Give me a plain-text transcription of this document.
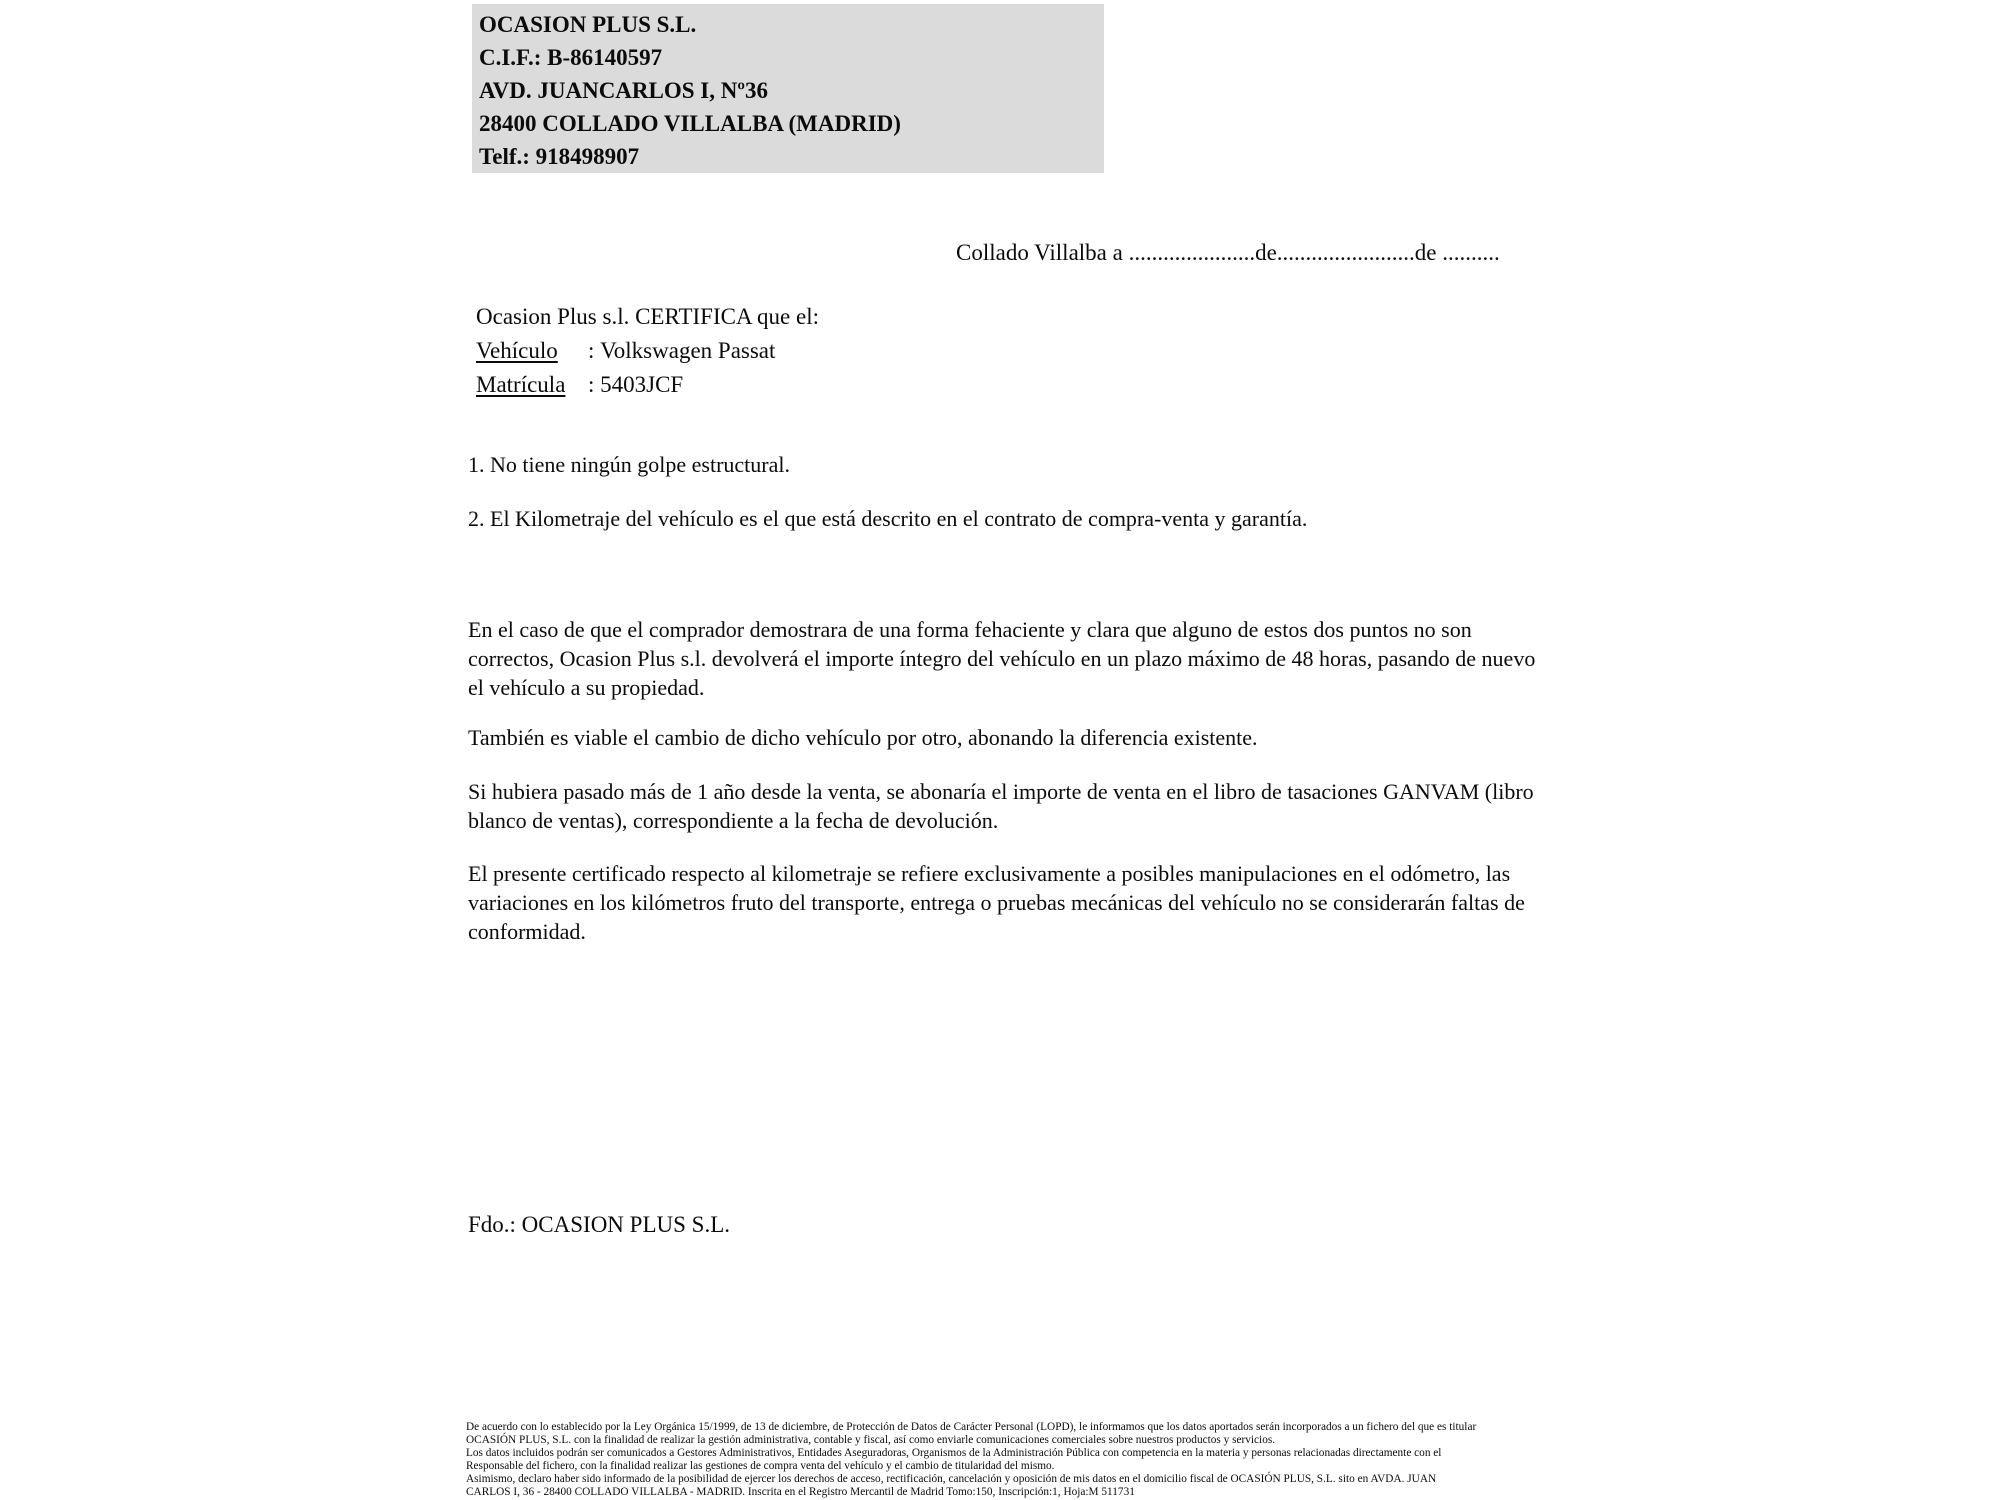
OCASION PLUS S.L.
C.I.F.: B-86140597
AVD. JUANCARLOS I, Nº36
28400 COLLADO VILLALBA (MADRID)
Telf.: 918498907
Collado Villalba a ......................de........................de ..........
Ocasion Plus s.l. CERTIFICA que el:
Vehículo : Volkswagen Passat
Matrícula : 5403JCF
1. No tiene ningún golpe estructural.
2. El Kilometraje del vehículo es el que está descrito en el contrato de compra-venta y garantía.
En el caso de que el comprador demostrara de una forma fehaciente y clara que alguno de estos dos puntos no son correctos, Ocasion Plus s.l. devolverá el importe íntegro del vehículo en un plazo máximo de 48 horas, pasando de nuevo el vehículo a su propiedad.
También es viable el cambio de dicho vehículo por otro, abonando la diferencia existente.
Si hubiera pasado más de 1 año desde la venta, se abonaría el importe de venta en el libro de tasaciones GANVAM (libro blanco de ventas), correspondiente a la fecha de devolución.
El presente certificado respecto al kilometraje se refiere exclusivamente a posibles manipulaciones en el odómetro, las variaciones en los kilómetros fruto del transporte, entrega o pruebas mecánicas del vehículo no se considerarán faltas de conformidad.
Fdo.: OCASION PLUS S.L.
De acuerdo con lo establecido por la Ley Orgánica 15/1999, de 13 de diciembre, de Protección de Datos de Carácter Personal (LOPD), le informamos que los datos aportados serán incorporados a un fichero del que es titular
OCASIÓN PLUS, S.L. con la finalidad de realizar la gestión administrativa, contable y fiscal, así como enviarle comunicaciones comerciales sobre nuestros productos y servicios.
Los datos incluidos podrán ser comunicados a Gestores Administrativos, Entidades Aseguradoras, Organismos de la Administración Pública con competencia en la materia y personas relacionadas directamente con el
Responsable del fichero, con la finalidad realizar las gestiones de compra venta del vehículo y el cambio de titularidad del mismo.
Asimismo, declaro haber sido informado de la posibilidad de ejercer los derechos de acceso, rectificación, cancelación y oposición de mis datos en el domicilio fiscal de OCASIÓN PLUS, S.L. sito en AVDA. JUAN
CARLOS I, 36 - 28400 COLLADO VILLALBA - MADRID. Inscrita en el Registro Mercantil de Madrid Tomo:150, Inscripción:1, Hoja:M 511731
